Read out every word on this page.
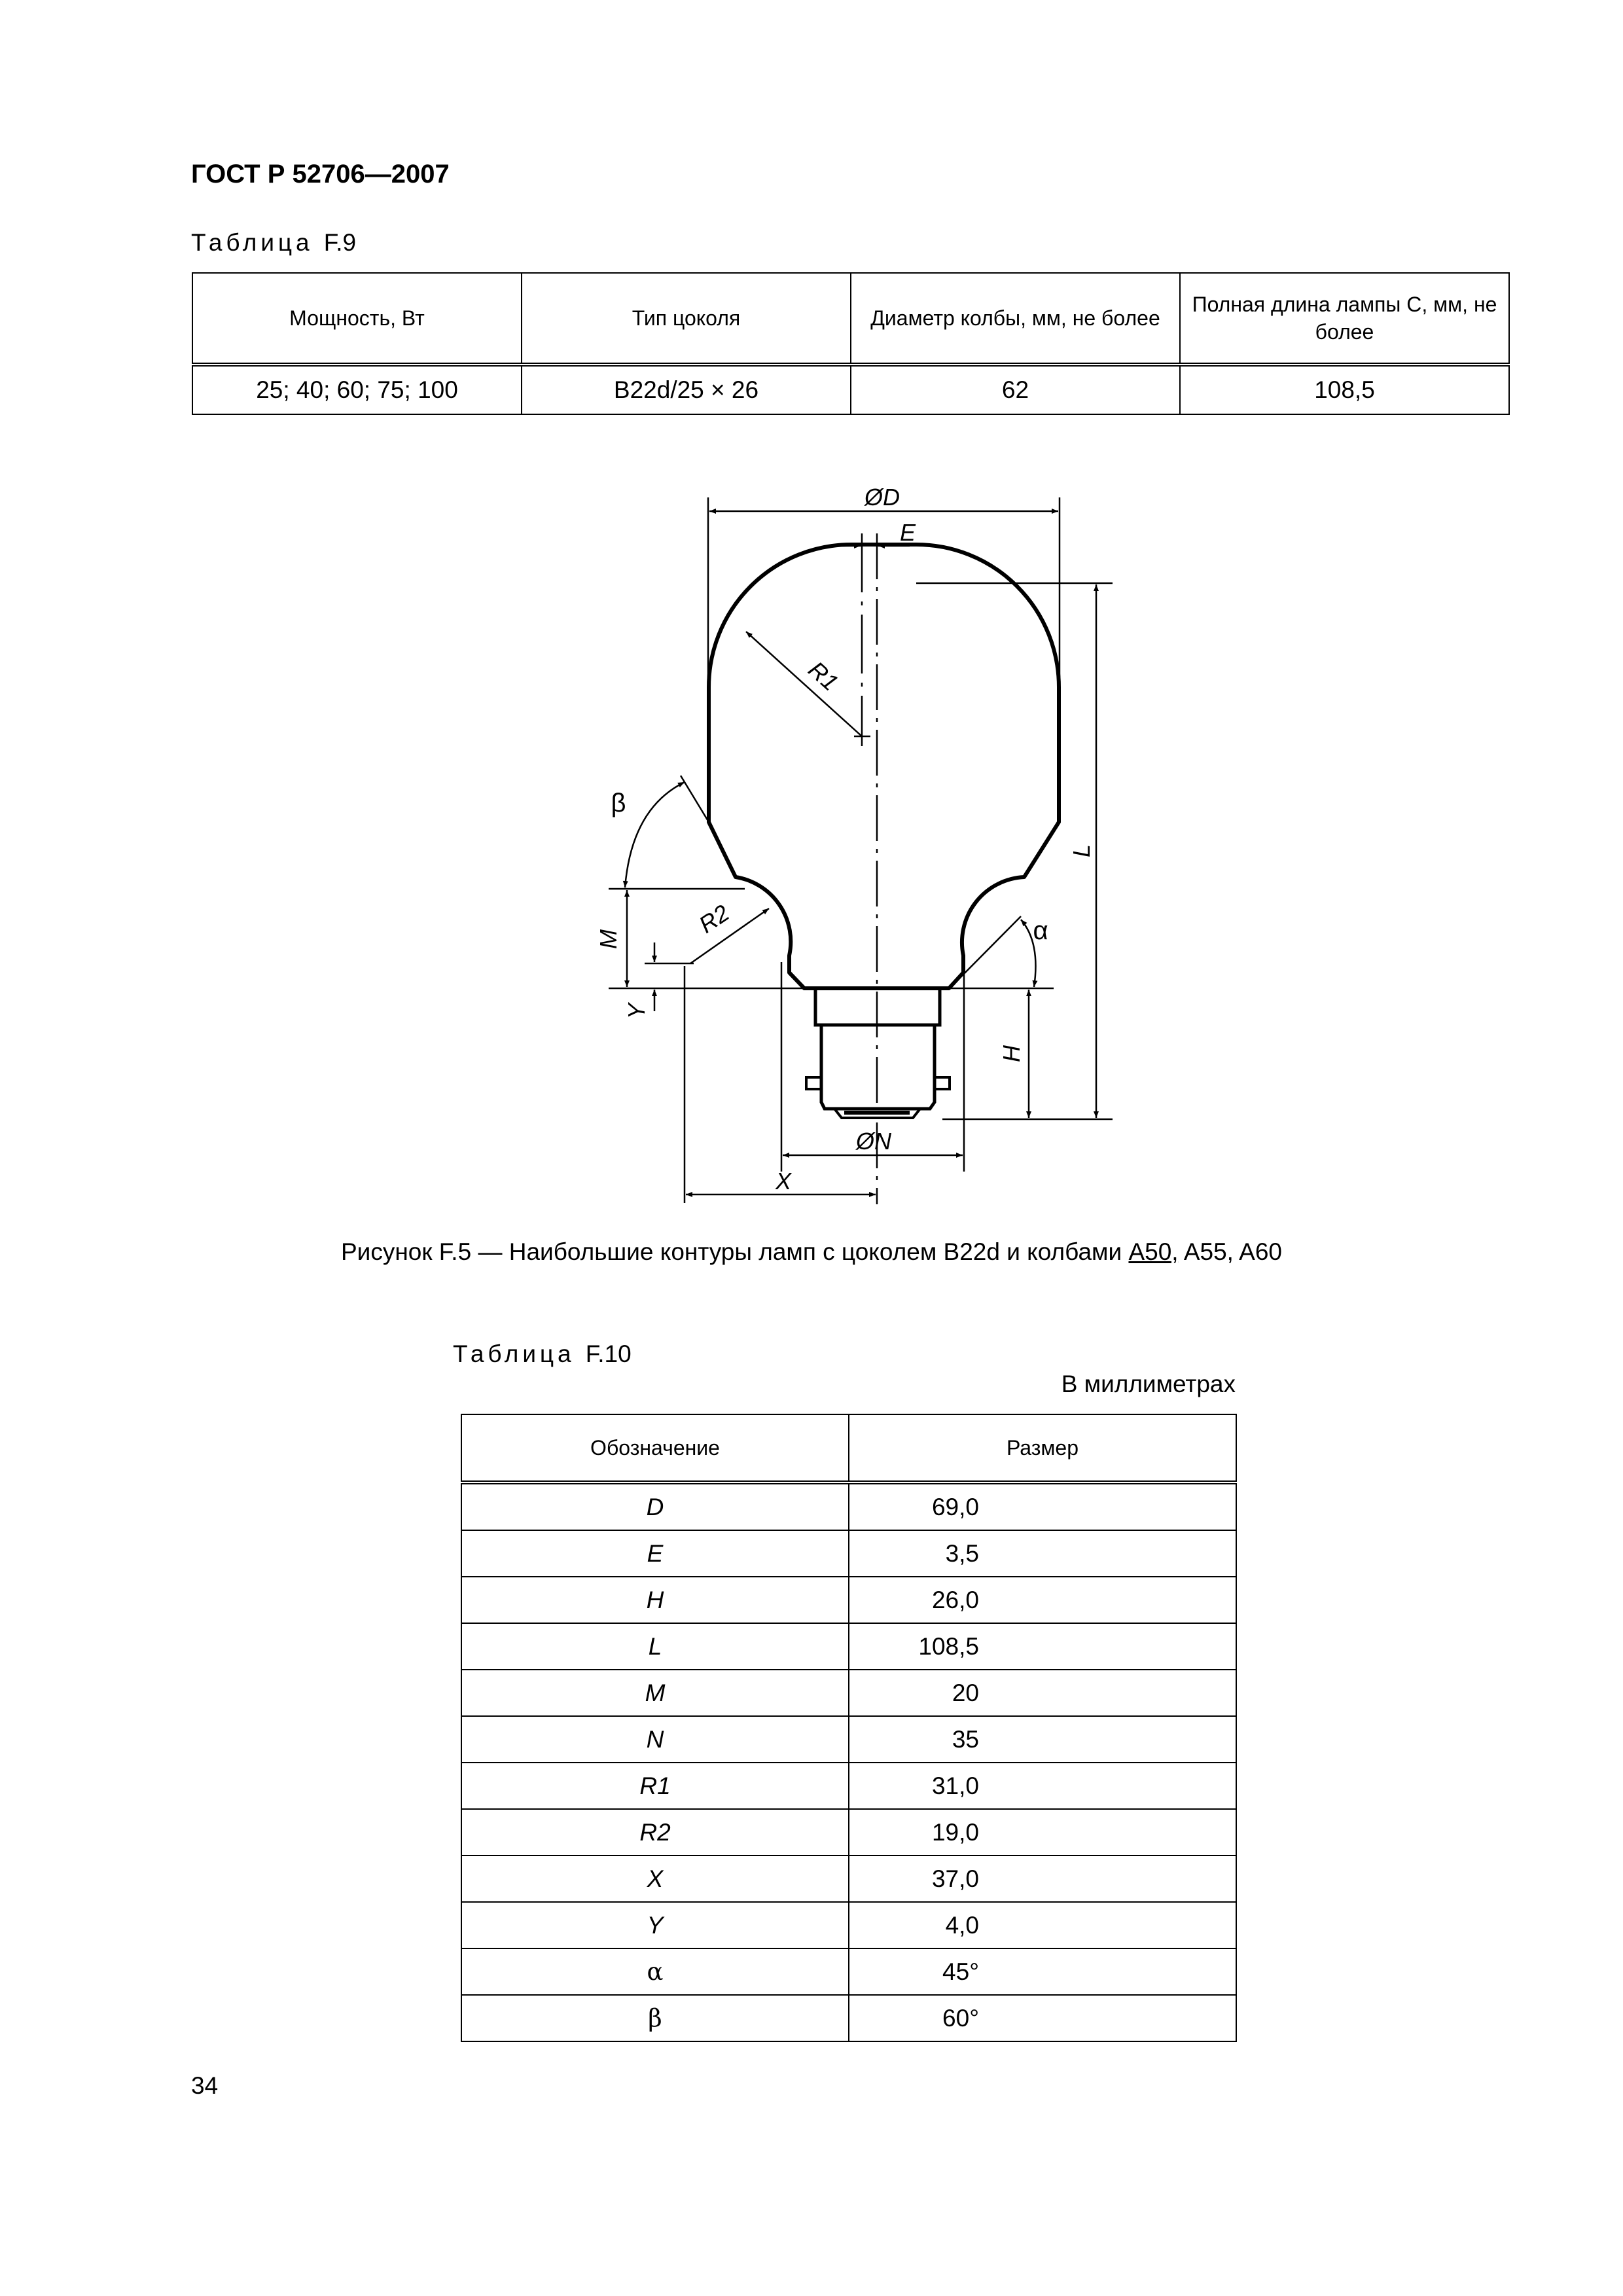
ГОСТ Р 52706—2007
Таблица F.9
Мощность, Вт	Тип цоколя	Диаметр колбы, мм, не более	Полная длина лампы C, мм, не более
25; 40; 60; 75; 100	B22d/25 × 26	62	108,5
ØD
E
R1
L
β
M
R2
Y
α
H
ØN
X
Рисунок F.5 — Наибольшие контуры ламп с цоколем B22d и колбами A50, A55, A60
Таблица F.10
В миллиметрах
Обозначение	Размер
D	69,0
E	3,5
H	26,0
L	108,5
M	20
N	35
R1	31,0
R2	19,0
X	37,0
Y	4,0
α	45°
β	60°
34
